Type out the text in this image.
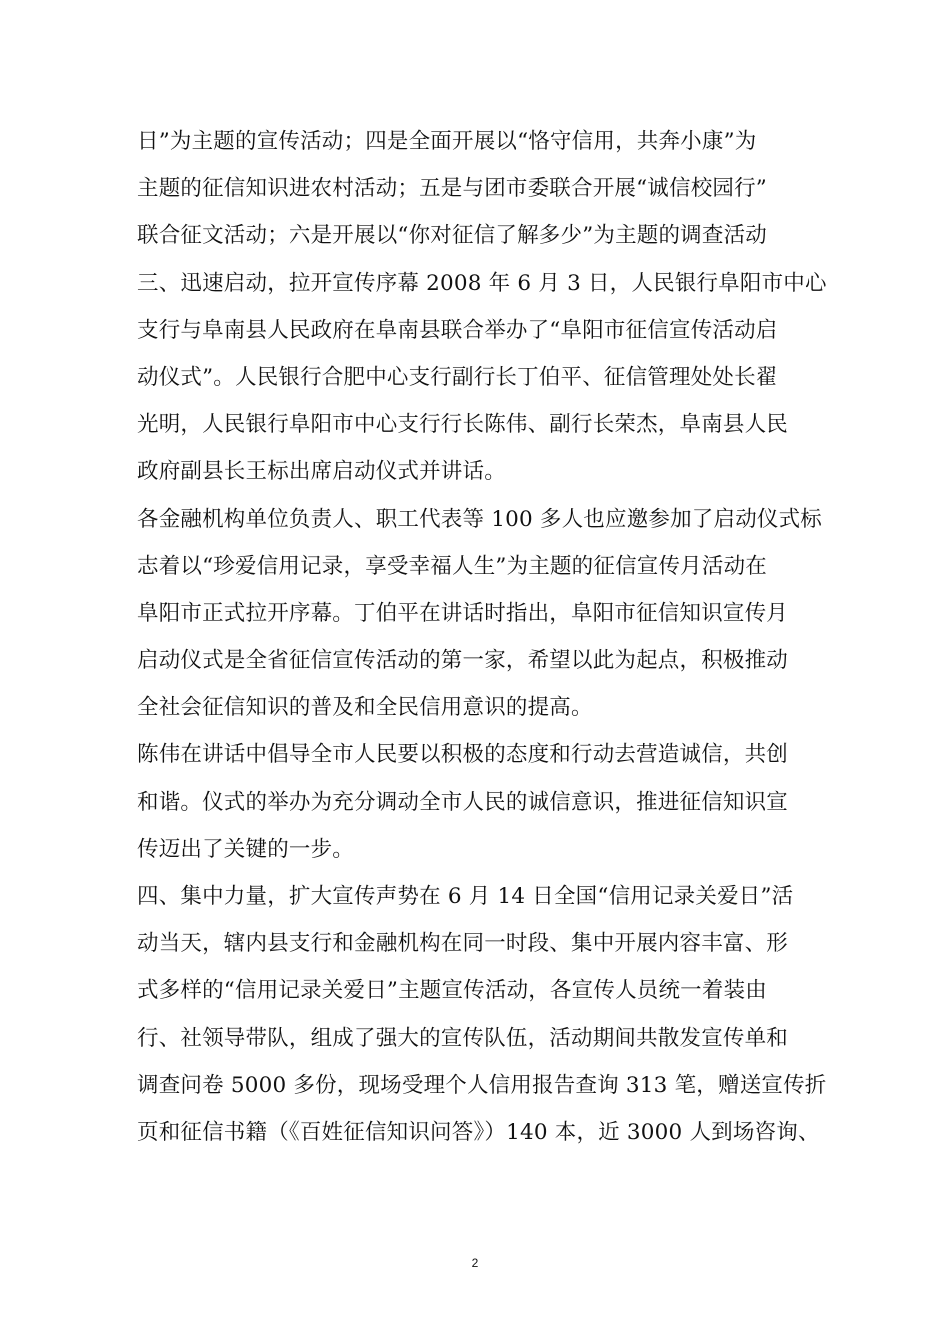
日”为主题的宣传活动；四是全面开展以“恪守信用，共奔小康”为
主题的征信知识进农村活动；五是与团市委联合开展“诚信校园行”
联合征文活动；六是开展以“你对征信了解多少”为主题的调查活动
三、迅速启动，拉开宣传序幕 2008 年 6 月 3 日，人民银行阜阳市中心
支行与阜南县人民政府在阜南县联合举办了“阜阳市征信宣传活动启
动仪式”。人民银行合肥中心支行副行长丁伯平、征信管理处处长翟
光明，人民银行阜阳市中心支行行长陈伟、副行长荣杰，阜南县人民
政府副县长王标出席启动仪式并讲话。
各金融机构单位负责人、职工代表等 100 多人也应邀参加了启动仪式标
志着以“珍爱信用记录，享受幸福人生”为主题的征信宣传月活动在
阜阳市正式拉开序幕。丁伯平在讲话时指出，阜阳市征信知识宣传月
启动仪式是全省征信宣传活动的第一家，希望以此为起点，积极推动
全社会征信知识的普及和全民信用意识的提高。
陈伟在讲话中倡导全市人民要以积极的态度和行动去营造诚信，共创
和谐。仪式的举办为充分调动全市人民的诚信意识，推进征信知识宣
传迈出了关键的一步。
四、集中力量，扩大宣传声势在 6 月 14 日全国“信用记录关爱日”活
动当天，辖内县支行和金融机构在同一时段、集中开展内容丰富、形
式多样的“信用记录关爱日”主题宣传活动，各宣传人员统一着装由
行、社领导带队，组成了强大的宣传队伍，活动期间共散发宣传单和
调查问卷 5000 多份，现场受理个人信用报告查询 313 笔，赠送宣传折
页和征信书籍（《百姓征信知识问答》）140 本，近 3000 人到场咨询、
2
